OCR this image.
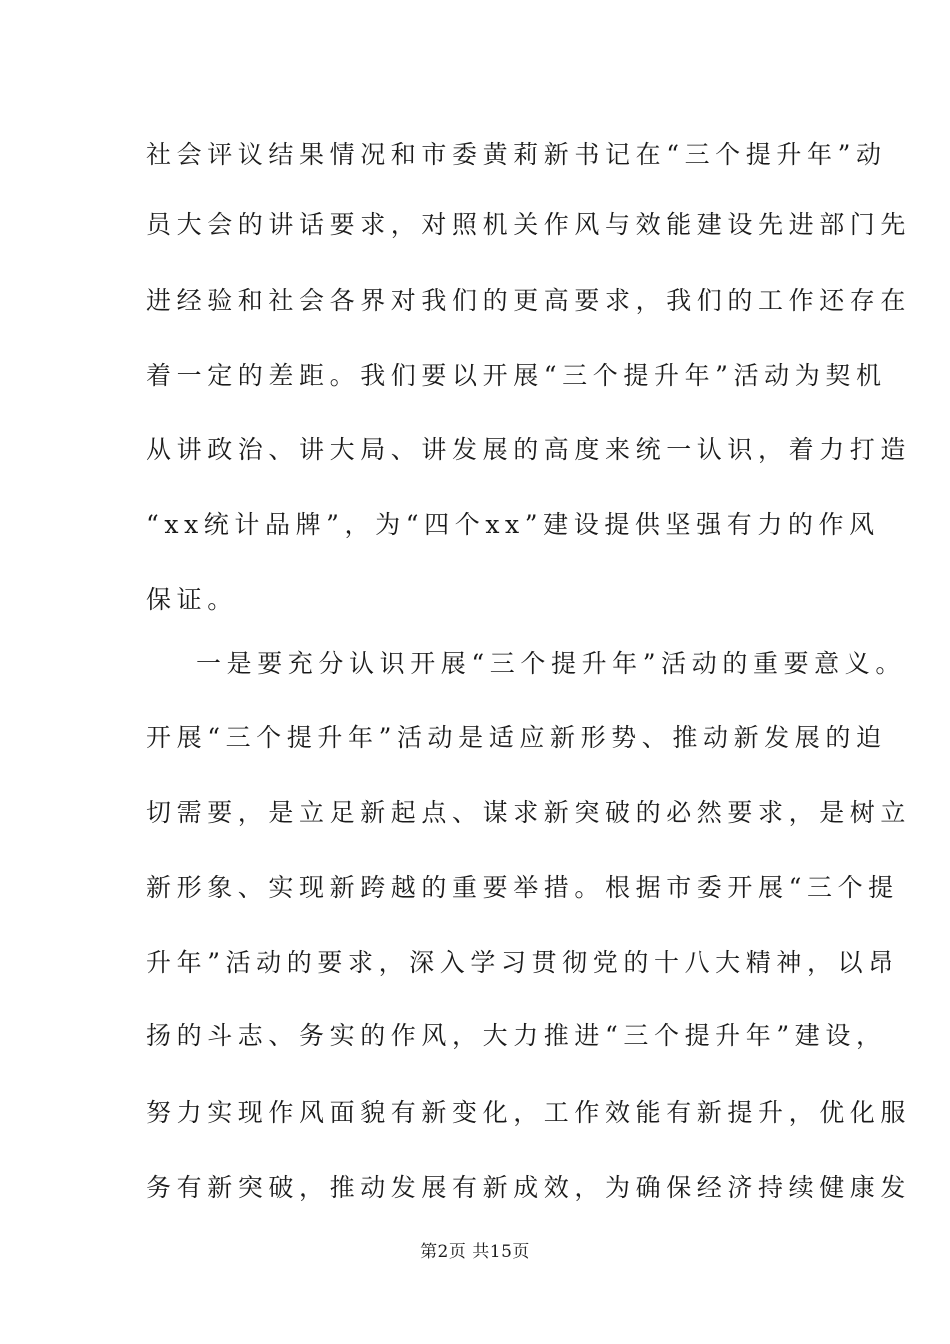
社会评议结果情况和市委黄莉新书记在“三个提升年”动
员大会的讲话要求，对照机关作风与效能建设先进部门先
进经验和社会各界对我们的更高要求，我们的工作还存在
着一定的差距。我们要以开展“三个提升年”活动为契机
从讲政治、讲大局、讲发展的高度来统一认识，着力打造
“xx统计品牌”，为“四个xx”建设提供坚强有力的作风
保证。
一是要充分认识开展“三个提升年”活动的重要意义。
开展“三个提升年”活动是适应新形势、推动新发展的迫
切需要，是立足新起点、谋求新突破的必然要求，是树立
新形象、实现新跨越的重要举措。根据市委开展“三个提
升年”活动的要求，深入学习贯彻党的十八大精神，以昂
扬的斗志、务实的作风，大力推进“三个提升年”建设，
努力实现作风面貌有新变化，工作效能有新提升，优化服
务有新突破，推动发展有新成效，为确保经济持续健康发
第2页 共15页
